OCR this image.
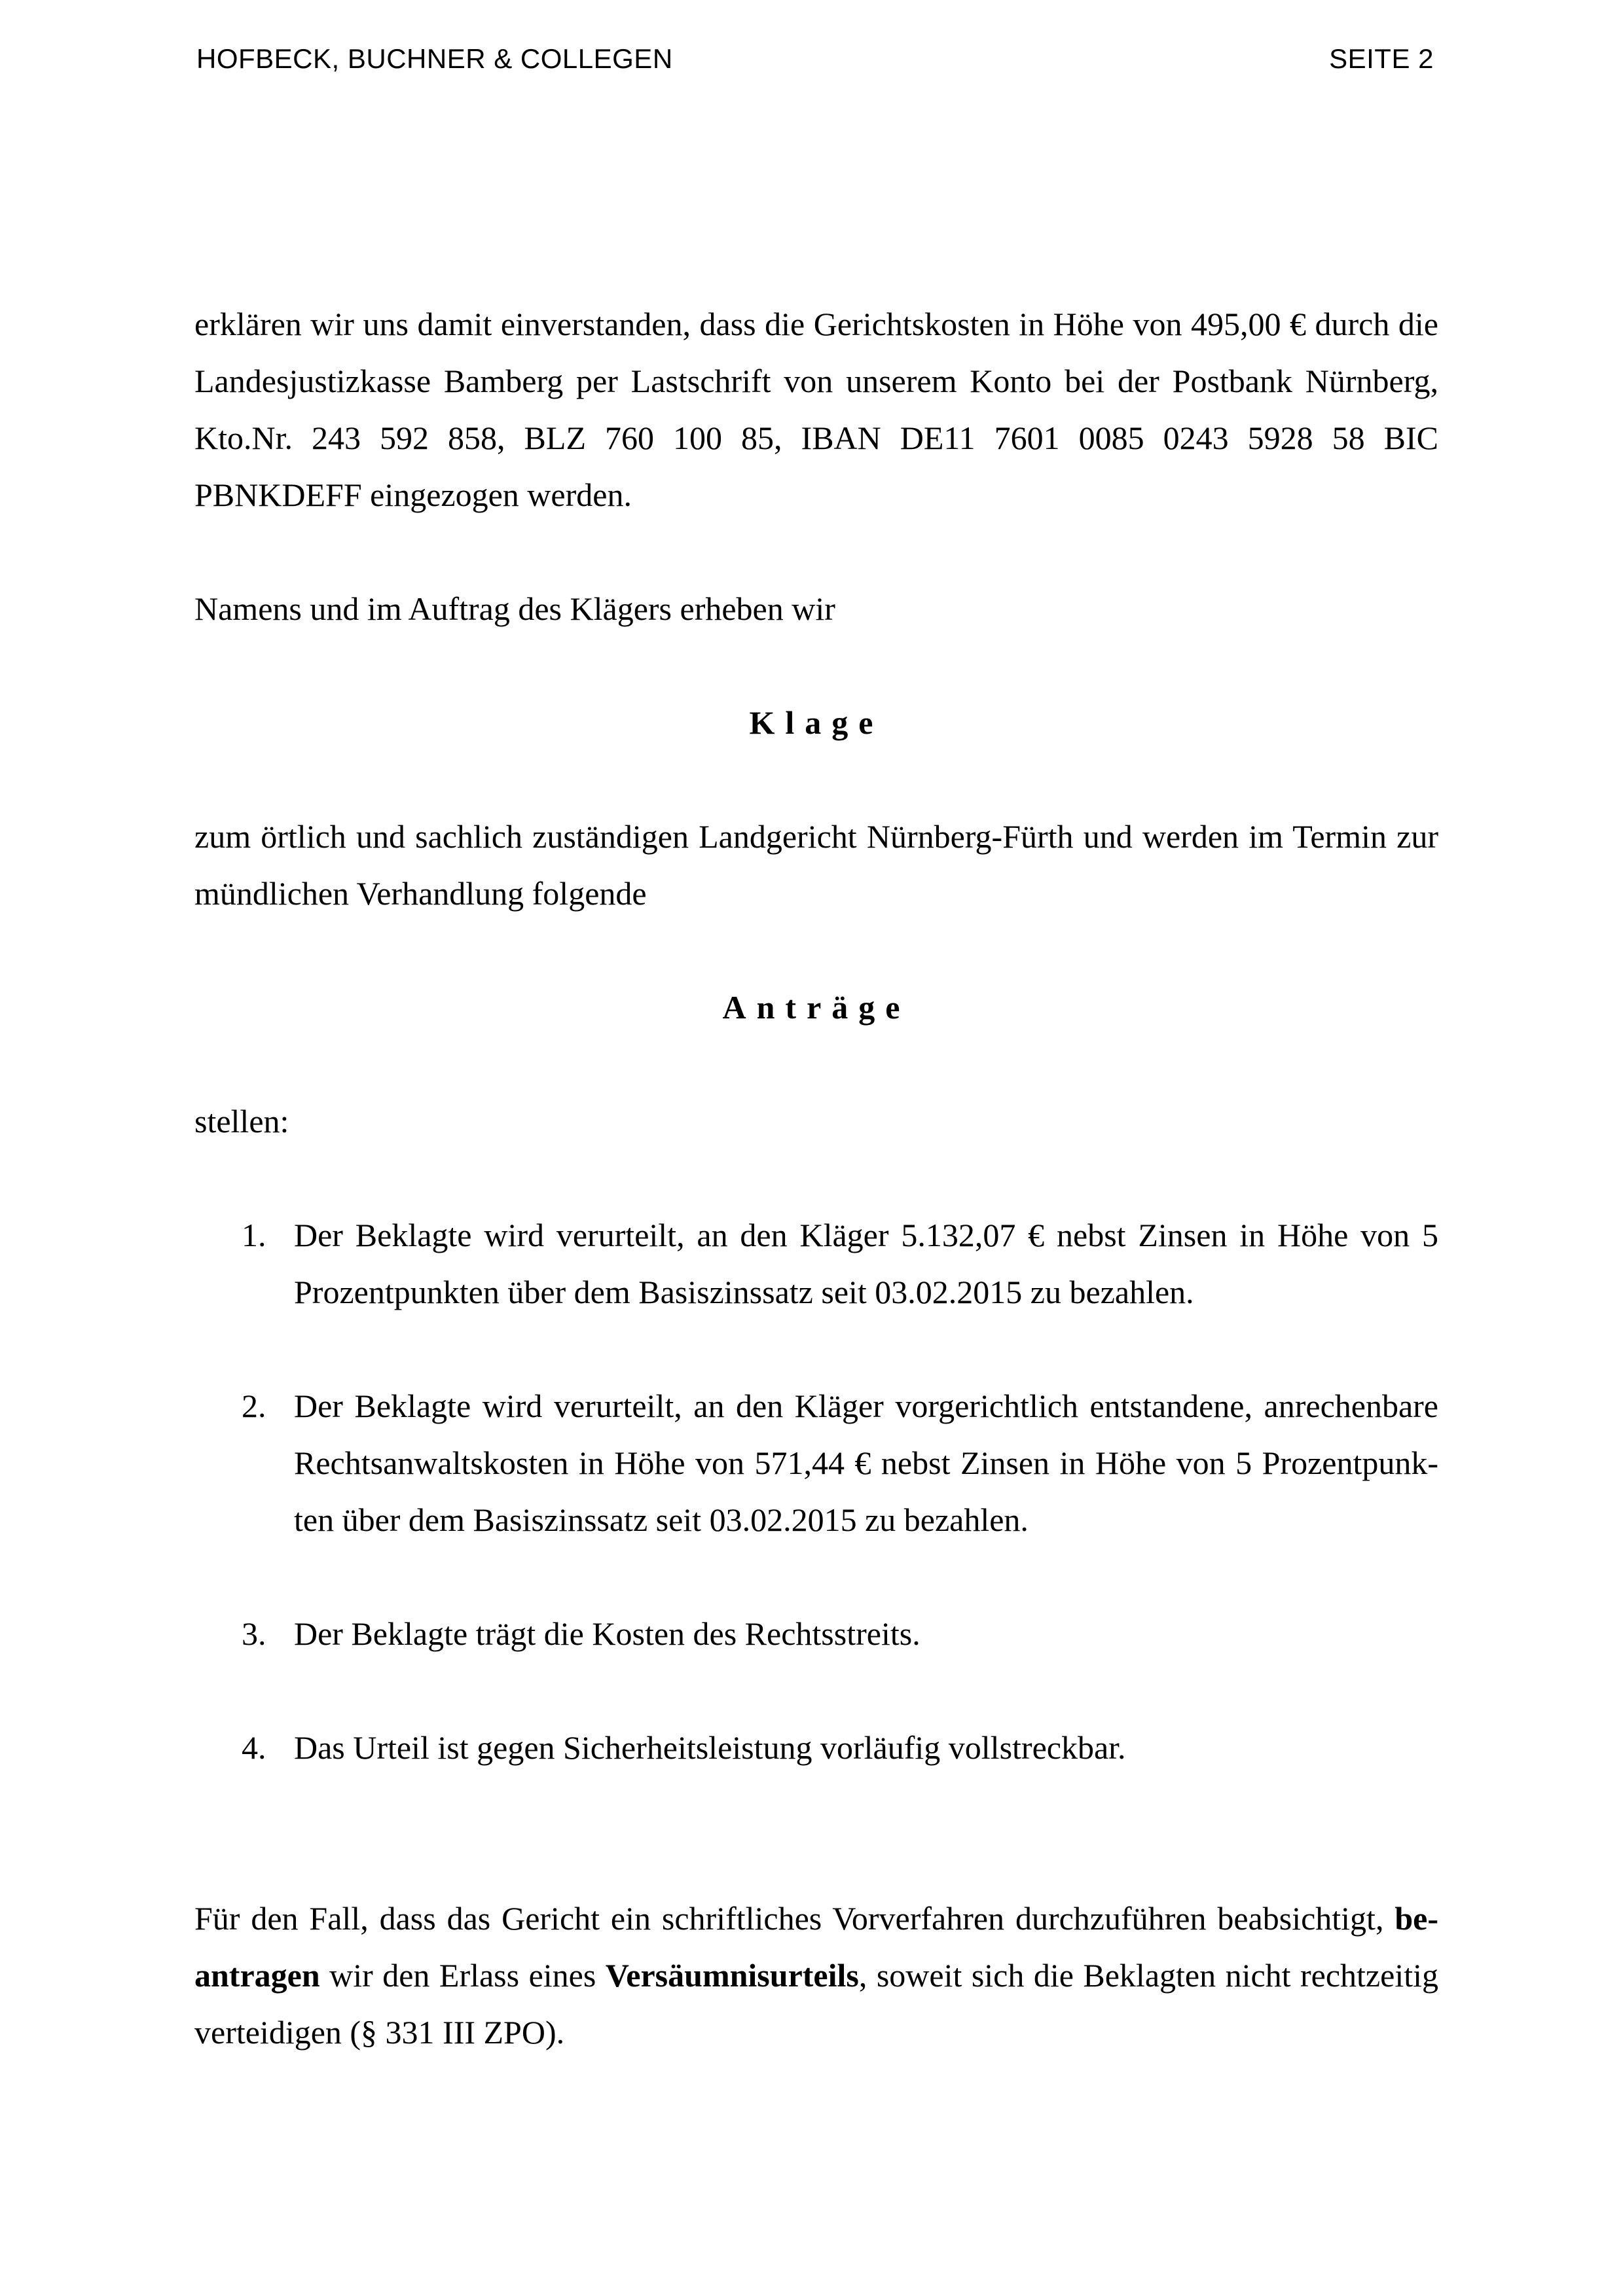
HOFBECK, BUCHNER & COLLEGEN	SEITE 2

erklären wir uns damit einverstanden, dass die Gerichtskosten in Höhe von 495,00 € durch die Landesjustizkasse Bamberg per Lastschrift von unserem Konto bei der Postbank Nürnberg, Kto.Nr. 243 592 858, BLZ 760 100 85, IBAN DE11 7601 0085 0243 5928 58 BIC PBNKDEFF eingezogen werden.

Namens und im Auftrag des Klägers erheben wir

Klage

zum örtlich und sachlich zuständigen Landgericht Nürnberg-Fürth und werden im Termin zur mündlichen Verhandlung folgende

Anträge

stellen:

1. Der Beklagte wird verurteilt, an den Kläger 5.132,07 € nebst Zinsen in Höhe von 5 Prozentpunkten über dem Basiszinssatz seit 03.02.2015 zu bezahlen.
2. Der Beklagte wird verurteilt, an den Kläger vorgerichtlich entstandene, anrechenbare Rechtsanwaltskosten in Höhe von 571,44 € nebst Zinsen in Höhe von 5 Prozentpunkten über dem Basiszinssatz seit 03.02.2015 zu bezahlen.
3. Der Beklagte trägt die Kosten des Rechtsstreits.
4. Das Urteil ist gegen Sicherheitsleistung vorläufig vollstreckbar.

Für den Fall, dass das Gericht ein schriftliches Vorverfahren durchzuführen beabsichtigt, beantragen wir den Erlass eines Versäumnisurteils, soweit sich die Beklagten nicht rechtzeitig verteidigen (§ 331 III ZPO).
